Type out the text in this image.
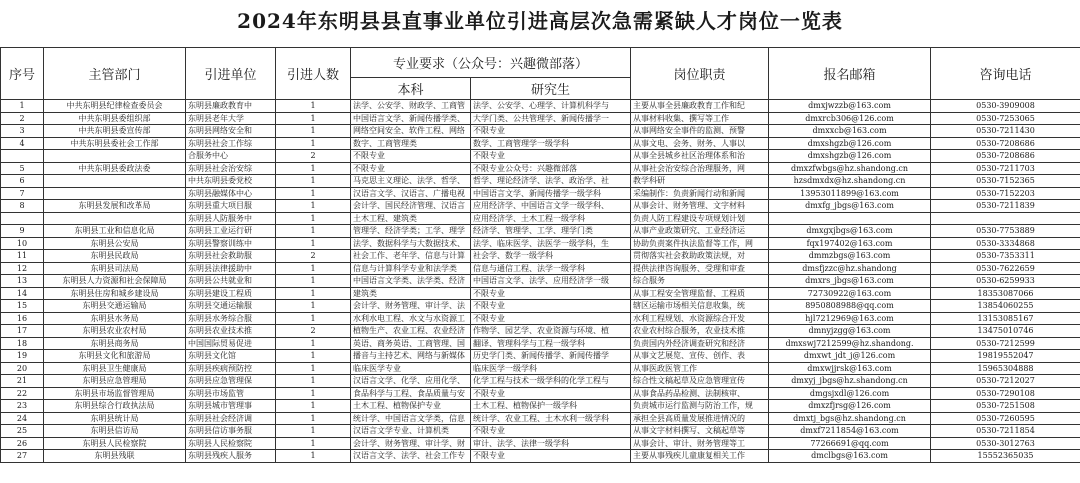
2024年东明县县直事业单位引进高层次急需紧缺人才岗位一览表
序号	主管部门	引进单位	引进人数	专业要求（公众号：兴趣微部落）		岗位职责	报名邮箱	咨询电话
				本科	研究生			
1	中共东明县纪律检查委员会	东明县廉政教育中	1	法学、公安学、财政学、工商管	法学、公安学、心理学、计算机科学与	主要从事全县廉政教育工作和纪	dmxjwzzb@163.com	0530-3909008
2	中共东明县委组织部	东明县老年大学	1	中国语言文学、新闻传播学类、	大学门类、公共管理学、新闻传播学一	从事材料收集、撰写等工作	dmxrcb306@126.com	0530-7253065
3	中共东明县委宣传部	东明县网络安全和	1	网络空间安全、软件工程、网络	不限专业	从事网络安全事件的监测、预警	dmxxcb@163.com	0530-7211430
4	中共东明县委社会工作部	东明县社会工作综	1	数字、工商管理类	数学、工商管理学一级学科	从事文电、会务、财务、人事以	dmxshgzb@126.com	0530-7208686
		合服务中心	2	不限专业	不限专业	从事全县城乡社区治理体系和治	dmxshgzb@126.com	0530-7208686
5	中共东明县委政法委	东明县社会治安综	1	不限专业	不限专业公众号：兴趣微部落	从事社会治安综合治理服务，网	dmxzfwbgs@hz.shandong.cn	0530-7211703
6		中共东明县委党校	1	马克思主义理论、法学、哲学、	哲学、理论经济学、法学、政治学、社	教学科研	hzsdmxdx@hz.shandong.cn	0530-7152365
7		东明县融媒体中心	1	汉语言文学、汉语言、广播电视	中国语言文学、新闻传播学一级学科	采编制作：负责新闻行动和新闻	13953011899@163.com	0530-7152203
8	东明县发展和改革局	东明县重大项目服	1	会计学、国民经济管理、汉语言	应用经济学、中国语言文学一级学科、	从事会计、财务管理、文字材料	dmxfg_jbgs@163.com	0530-7211839
		东明县人防服务中	1	土木工程、建筑类	应用经济学、土木工程一级学科	负责人防工程建设专项规划计划		
9	东明县工业和信息化局	东明县工业运行研	1	管理学、经济学类；工学、理学	经济学、管理学、工学、理学门类	从事产业政策研究、工业经济运	dmxgxjbgs@163.com	0530-7753889
10	东明县公安局	东明县警察训练中	1	法学、数据科学与大数据技术、	法学、临床医学、法医学一级学科，生	协助负责案件执法监督等工作，网	fqx197402@163.com	0530-3334868
11	东明县民政局	东明县社会救助服	2	社会工作、老年学、信息与计算	社会学、数学一级学科	贯彻落实社会救助政策法规，对	dmmzbgs@163.com	0530-7353311
12	东明县司法局	东明县法律援助中	1	信息与计算科学专业和法学类	信息与通信工程、法学一级学科	提供法律咨询服务、受理和审查	dmsfjzzc@hz.shandong	0530-7622659
13	东明县人力资源和社会保障局	东明县公共就业和	1	中国语言文学类、法学类、经济	中国语言文学、法学、应用经济学一级	综合服务	dmxrs_jbgs@163.com	0530-6259933
14	东明县住房和城乡建设局	东明县建设工程质	1	建筑类	不限专业	从事工程安全管理监督、工程质	72730922@163.com	18353087066
15	东明县交通运输局	东明县交通运输服	1	会计学、财务管理、审计学、法	不限专业	辖区运输市场相关信息收集，统	8950808988@qq.com	13854060255
16	东明县水务局	东明县水务综合服	1	水利水电工程、水文与水资源工	不限专业	水利工程规划、水资源综合开发	hjl7212969@163.com	13153085167
17	东明县农业农村局	东明县农业技术推	2	植物生产、农业工程、农业经济	作物学、园艺学、农业资源与环境、植	农业农村综合服务，农业技术推	dmnyjzgg@163.com	13475010746
18	东明县商务局	中国国际贸易促进	1	英语、商务英语、工商管理、国	翻译、管理科学与工程一级学科	负责国内外经济调查研究和经济	dmxswj7212599@hz.shandong.	0530-7212599
19	东明县文化和旅游局	东明县文化馆	1	播音与主持艺术、网络与新媒体	历史学门类、新闻传播学、新闻传播学	从事文艺展览、宣传、创作、表	dmxwt_jdt_j@126.com	19819552047
20	东明县卫生健康局	东明县疾病预防控	1	临床医学专业	临床医学一级学科	从事医政医管工作	dmxwjjrsk@163.com	15965304888
21	东明县应急管理局	东明县应急管理保	1	汉语言文学、化学、应用化学、	化学工程与技术一级学科的化学工程与	综合性文稿起草及应急管理宣传	dmxyj_jbgs@hz.shandong.cn	0530-7212027
22	东明县市场监督管理局	东明县市场监管	1	食品科学与工程、食品质量与安	不限专业	从事食品药品检测、法制核审、	dmgsjxdl@126.com	0530-7290108
23	东明县综合行政执法局	东明县城市管理事	1	土木工程、植物保护专业	土木工程、植物保护一级学科	负责城市运行监测与防治工作，规	dmxzfjrsg@126.com	0530-7251508
24	东明县统计局	东明县社会经济调	1	统计学、中国语言文学类，信息	统计学、农业工程、土木水利一级学科	承担全县高质量发展推进情况的	dmxtj_bgs@hz.shandong.cn	0530-7260595
25	东明县信访局	东明县信访事务服	1	汉语言文学专业、计算机类	不限专业	从事文字材料撰写、文稿起草等	dmxf7211854@163.com	0530-7211854
26	东明县人民检察院	东明县人民检察院	1	会计学、财务管理、审计学、财	审计、法学、法律一级学科	从事会计、审计、财务管理等工	77266691@qq.com	0530-3012763
27	东明县残联	东明县残疾人服务	1	汉语言文学、法学、社会工作专	不限专业	主要从事残疾儿童康复相关工作	dmclbgs@163.com	15552365035
